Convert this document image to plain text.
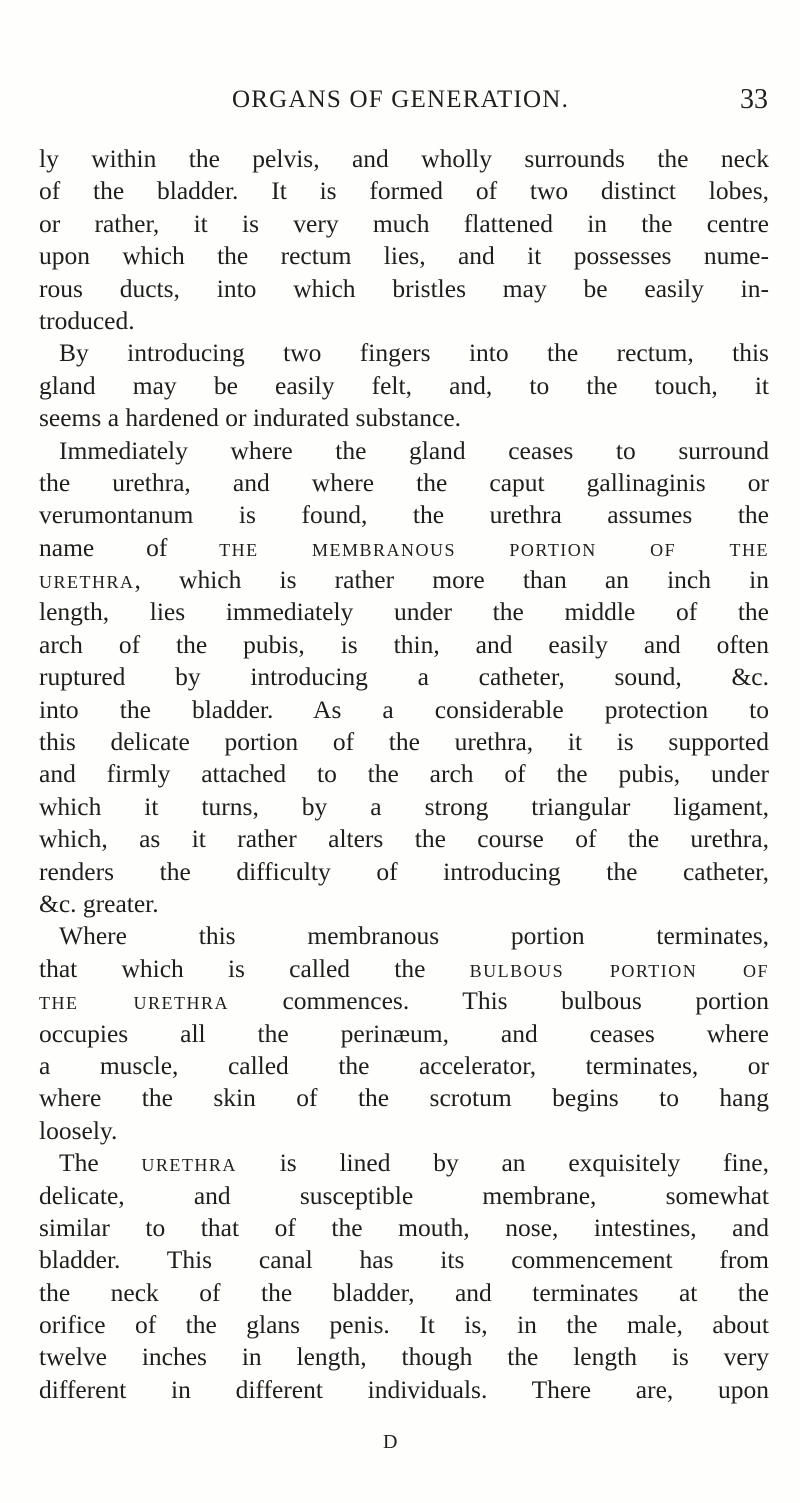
ORGANS OF GENERATION.	33
ly within the pelvis, and wholly surrounds the neck
of the bladder. It is formed of two distinct lobes,
or rather, it is very much flattened in the centre
upon which the rectum lies, and it possesses nume-
rous ducts, into which bristles may be easily in-
troduced.
By introducing two fingers into the rectum, this
gland may be easily felt, and, to the touch, it
seems a hardened or indurated substance.
Immediately where the gland ceases to surround
the urethra, and where the caput gallinaginis or
verumontanum is found, the urethra assumes the
name of the membranous portion of the
urethra, which is rather more than an inch in
length, lies immediately under the middle of the
arch of the pubis, is thin, and easily and often
ruptured by introducing a catheter, sound, &c.
into the bladder. As a considerable protection to
this delicate portion of the urethra, it is supported
and firmly attached to the arch of the pubis, under
which it turns, by a strong triangular ligament,
which, as it rather alters the course of the urethra,
renders the difficulty of introducing the catheter,
&c. greater.
Where this membranous portion terminates,
that which is called the bulbous portion of
the urethra commences. This bulbous portion
occupies all the perinæum, and ceases where
a muscle, called the accelerator, terminates, or
where the skin of the scrotum begins to hang
loosely.
The urethra is lined by an exquisitely fine,
delicate, and susceptible membrane, somewhat
similar to that of the mouth, nose, intestines, and
bladder. This canal has its commencement from
the neck of the bladder, and terminates at the
orifice of the glans penis. It is, in the male, about
twelve inches in length, though the length is very
different in different individuals. There are, upon
D
